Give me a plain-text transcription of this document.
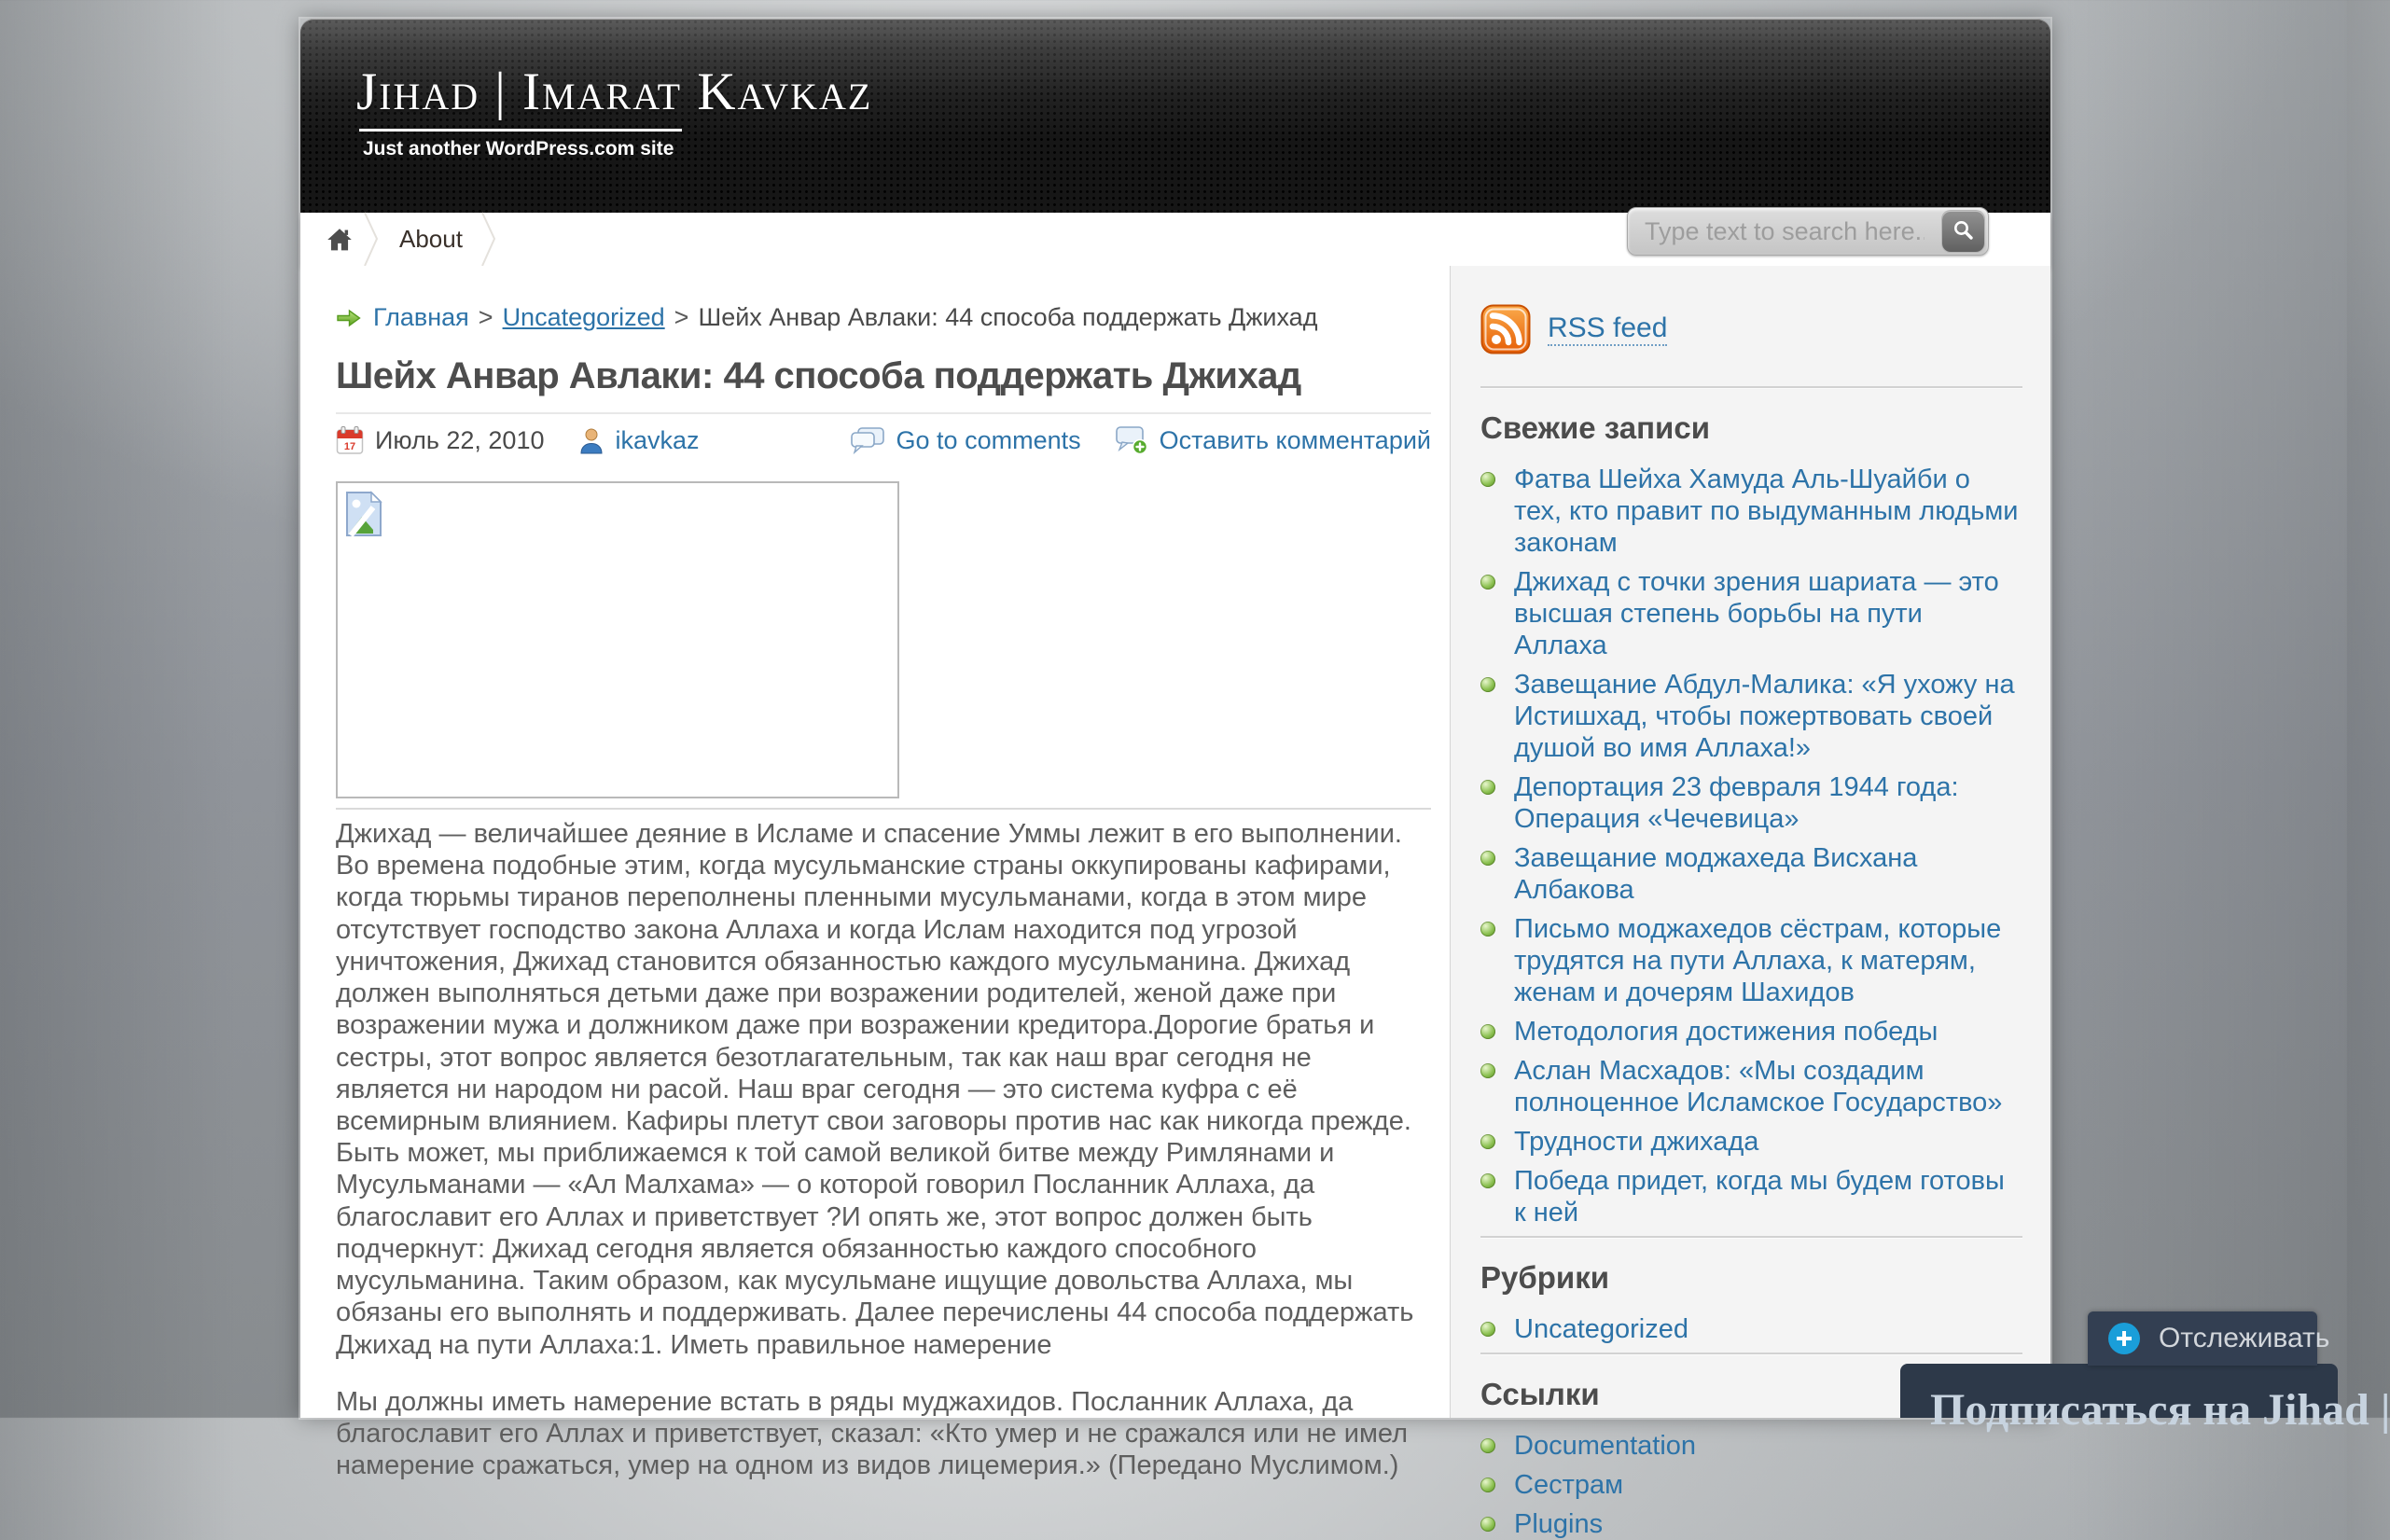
Jihad | Imarat Kavkaz

Just another WordPress.com site

About
Type text to search here...
Главная > Uncategorized > Шейх Анвар Авлаки: 44 способа поддержать Джихад
Шейх Анвар Авлаки: 44 способа поддержать Джихад
17 Июль 22, 2010	ikavkaz	Go to comments	Оставить комментарий

Джихад — величайшее деяние в Исламе и спасение Уммы лежит в его выполнении. Во времена подобные этим, когда мусульманские страны оккупированы кафирами, когда тюрьмы тиранов переполнены пленными мусульманами, когда в этом мире отсутствует господство закона Аллаха и когда Ислам находится под угрозой уничтожения, Джихад становится обязанностью каждого мусульманина. Джихад должен выполняться детьми даже при возражении родителей, женой даже при возражении мужа и должником даже при возражении кредитора.Дорогие братья и сестры, этот вопрос является безотлагательным, так как наш враг сегодня не является ни народом ни расой. Наш враг сегодня — это система куфра с её всемирным влиянием. Кафиры плетут свои заговоры против нас как никогда прежде. Быть может, мы приближаемся к той самой великой битве между Римлянами и Мусульманами — «Ал Малхама» — о которой говорил Посланник Аллаха, да благославит его Аллах и приветствует ?И опять же, этот вопрос должен быть подчеркнут: Джихад сегодня является обязанностью каждого способного мусульманина. Таким образом, как мусульмане ищущие довольства Аллаха, мы обязаны его выполнять и поддерживать. Далее перечислены 44 способа поддержать Джихад на пути Аллаха:1. Иметь правильное намерение

Мы должны иметь намерение встать в ряды муджахидов. Посланник Аллаха, да благославит его Аллах и приветствует, сказал: «Кто умер и не сражался или не имел намерение сражаться, умер на одном из видов лицемерия.» (Передано Муслимом.)

RSS feed
Свежие записи
Фатва Шейха Хамуда Аль-Шуайби о тех, кто правит по выдуманным людьми законам
Джихад с точки зрения шариата — это высшая степень борьбы на пути Аллаха
Завещание Абдул-Малика: «Я ухожу на Истишхад, чтобы пожертвовать своей душой во имя Аллаха!»
Депортация 23 февраля 1944 года: Операция «Чечевица»
Завещание моджахеда Висхана Албакова
Письмо моджахедов сёстрам, которые трудятся на пути Аллаха, к матерям, женам и дочерям Шахидов
Методология достижения победы
Аслан Масхадов: «Мы создадим полноценное Исламское Государство»
Трудности джихада
Победа придет, когда мы будем готовы к ней
Рубрики
Uncategorized
Ссылки
Documentation
Сестрам
Plugins
Отслеживать
Подписаться на Jihad |
